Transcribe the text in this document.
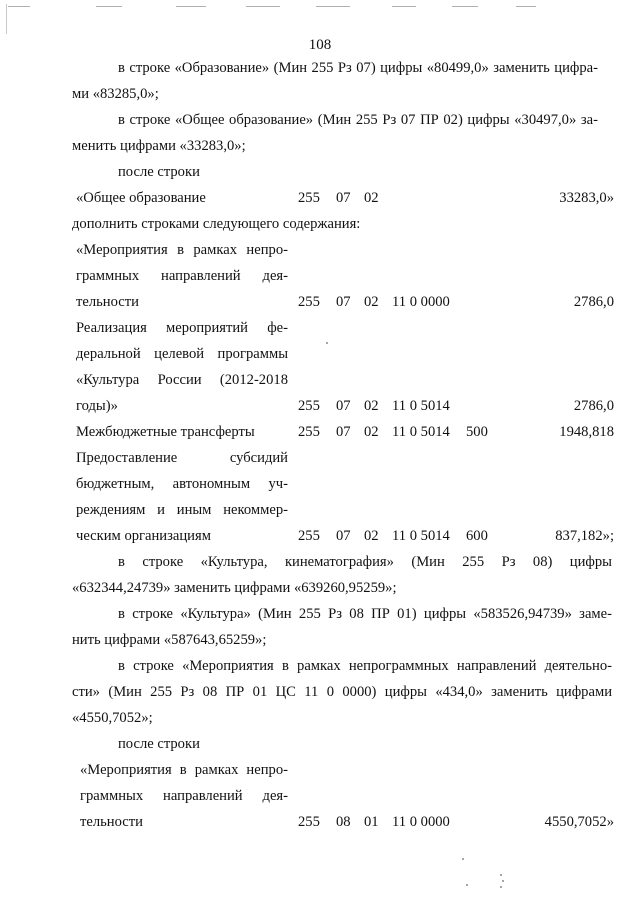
108
в строке «Образование» (Мин 255 Рз 07) цифры «80499,0» заменить цифра-
ми «83285,0»;
в строке «Общее образование» (Мин 255 Рз 07 ПР 02) цифры «30497,0» за-
менить цифрами «33283,0»;
после строки
«Общее образование	255 07 02	33283,0»
дополнить строками следующего содержания:
«Мероприятия в рамках непро-
граммных направлений дея-
тельности	255 07 02 11 0 0000	2786,0
Реализация мероприятий фе-
деральной целевой программы
«Культура России (2012-2018
годы)»	255 07 02 11 0 5014	2786,0
Межбюджетные трансферты	255 07 02 11 0 5014 500	1948,818
Предоставление субсидий
бюджетным, автономным уч-
реждениям и иным некоммер-
ческим организациям	255 07 02 11 0 5014 600	837,182»;
в строке «Культура, кинематография» (Мин 255 Рз 08) цифры
«632344,24739» заменить цифрами «639260,95259»;
в строке «Культура» (Мин 255 Рз 08 ПР 01) цифры «583526,94739» заме-
нить цифрами «587643,65259»;
в строке «Мероприятия в рамках непрограммных направлений деятельно-
сти» (Мин 255 Рз 08 ПР 01 ЦС 11 0 0000) цифры «434,0» заменить цифрами
«4550,7052»;
после строки
«Мероприятия в рамках непро-
граммных направлений дея-
тельности	255 08 01 11 0 0000	4550,7052»
